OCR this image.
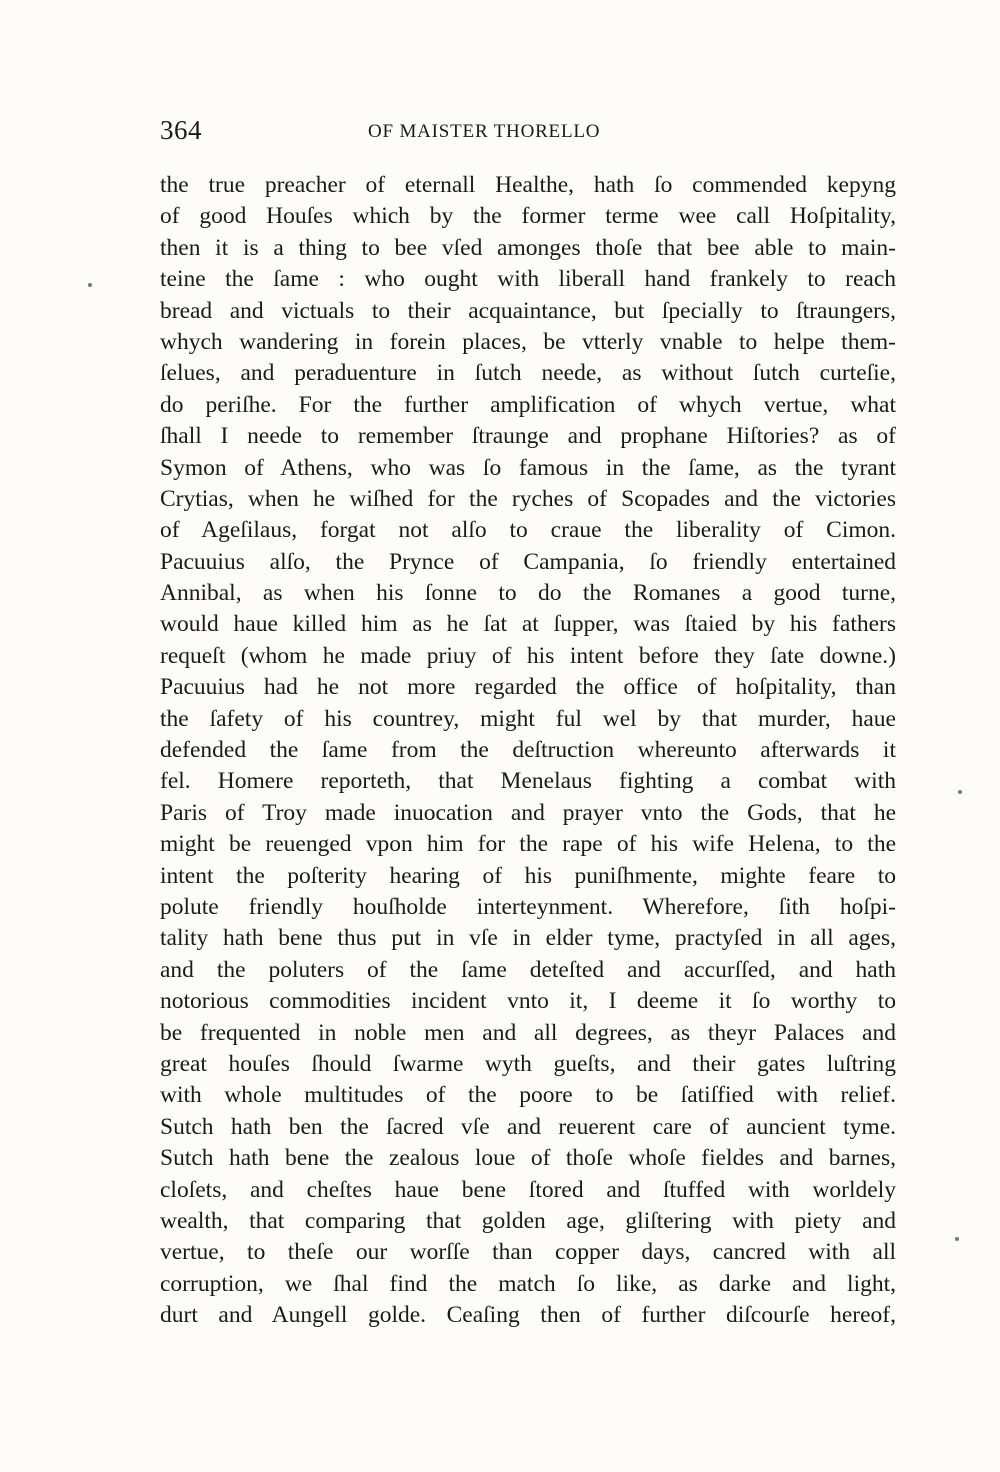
364	OF MAISTER THORELLO
the true preacher of eternall Healthe, hath ſo commended kepyng
of good Houſes which by the former terme wee call Hoſpitality,
then it is a thing to bee vſed amonges thoſe that bee able to main-
teine the ſame : who ought with liberall hand frankely to reach
bread and victuals to their acquaintance, but ſpecially to ſtraungers,
whych wandering in forein places, be vtterly vnable to helpe them-
ſelues, and peraduenture in ſutch neede, as without ſutch curteſie,
do periſhe. For the further amplification of whych vertue, what
ſhall I neede to remember ſtraunge and prophane Hiſtories? as of
Symon of Athens, who was ſo famous in the ſame, as the tyrant
Crytias, when he wiſhed for the ryches of Scopades and the victories
of Ageſilaus, forgat not alſo to craue the liberality of Cimon.
Pacuuius alſo, the Prynce of Campania, ſo friendly entertained
Annibal, as when his ſonne to do the Romanes a good turne,
would haue killed him as he ſat at ſupper, was ſtaied by his fathers
requeſt (whom he made priuy of his intent before they ſate downe.)
Pacuuius had he not more regarded the office of hoſpitality, than
the ſafety of his countrey, might ful wel by that murder, haue
defended the ſame from the deſtruction whereunto afterwards it
fel. Homere reporteth, that Menelaus fighting a combat with
Paris of Troy made inuocation and prayer vnto the Gods, that he
might be reuenged vpon him for the rape of his wife Helena, to the
intent the poſterity hearing of his puniſhmente, mighte feare to
polute friendly houſholde interteynment. Wherefore, ſith hoſpi-
tality hath bene thus put in vſe in elder tyme, practyſed in all ages,
and the poluters of the ſame deteſted and accurſſed, and hath
notorious commodities incident vnto it, I deeme it ſo worthy to
be frequented in noble men and all degrees, as theyr Palaces and
great houſes ſhould ſwarme wyth gueſts, and their gates luſtring
with whole multitudes of the poore to be ſatiſfied with relief.
Sutch hath ben the ſacred vſe and reuerent care of auncient tyme.
Sutch hath bene the zealous loue of thoſe whoſe fieldes and barnes,
cloſets, and cheſtes haue bene ſtored and ſtuffed with worldely
wealth, that comparing that golden age, gliſtering with piety and
vertue, to theſe our worſſe than copper days, cancred with all
corruption, we ſhal find the match ſo like, as darke and light,
durt and Aungell golde. Ceaſing then of further diſcourſe hereof,
